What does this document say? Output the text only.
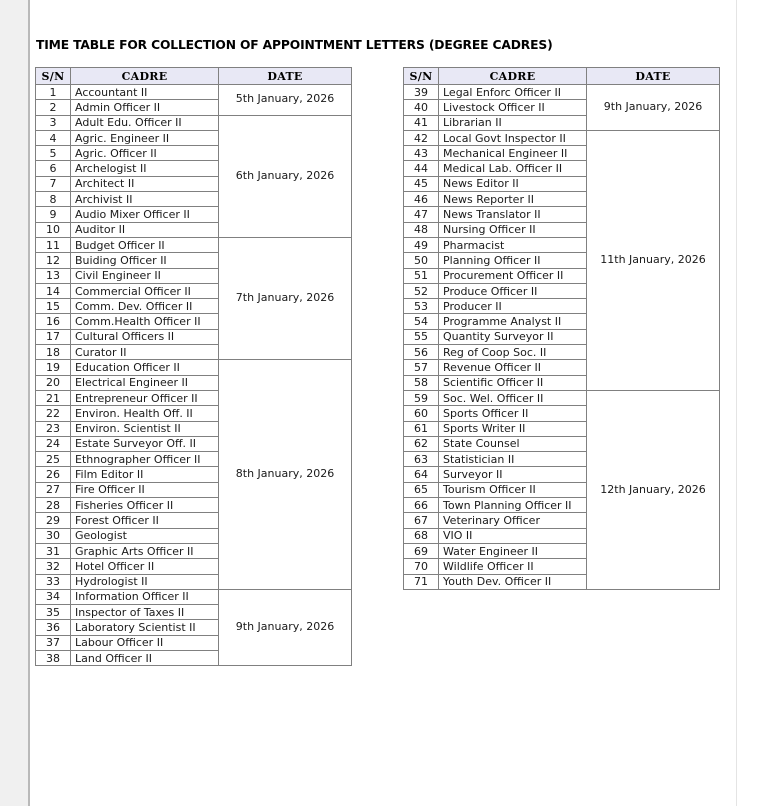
TIME TABLE FOR COLLECTION OF APPOINTMENT LETTERS (DEGREE CADRES)
S/N	CADRE	DATE
1	Accountant II	5th January, 2026
2	Admin Officer II	
3	Adult Edu. Officer II	6th January, 2026
4	Agric. Engineer II	
5	Agric. Officer II	
6	Archelogist II	
7	Architect II	
8	Archivist II	
9	Audio Mixer Officer II	
10	Auditor II	
11	Budget Officer II	7th January, 2026
12	Buiding Officer II	
13	Civil Engineer II	
14	Commercial Officer II	
15	Comm. Dev. Officer II	
16	Comm.Health Officer II	
17	Cultural Officers II	
18	Curator II	
19	Education Officer II	8th January, 2026
20	Electrical Engineer II	
21	Entrepreneur Officer II	
22	Environ. Health Off. II	
23	Environ. Scientist II	
24	Estate Surveyor Off. II	
25	Ethnographer Officer II	
26	Film Editor II	
27	Fire Officer II	
28	Fisheries Officer II	
29	Forest Officer II	
30	Geologist	
31	Graphic Arts Officer II	
32	Hotel Officer II	
33	Hydrologist II	
34	Information Officer II	9th January, 2026
35	Inspector of Taxes II	
36	Laboratory Scientist II	
37	Labour Officer II	
38	Land Officer II	
S/N	CADRE	DATE
39	Legal Enforc Officer II	9th January, 2026
40	Livestock Officer II	
41	Librarian II	
42	Local Govt Inspector II	11th January, 2026
43	Mechanical Engineer II	
44	Medical Lab. Officer II	
45	News Editor II	
46	News Reporter II	
47	News Translator II	
48	Nursing Officer II	
49	Pharmacist	
50	Planning Officer II	
51	Procurement Officer II	
52	Produce Officer II	
53	Producer II	
54	Programme Analyst II	
55	Quantity Surveyor II	
56	Reg of Coop Soc. II	
57	Revenue Officer II	
58	Scientific Officer II	
59	Soc. Wel. Officer II	12th January, 2026
60	Sports Officer II	
61	Sports Writer II	
62	State Counsel	
63	Statistician II	
64	Surveyor II	
65	Tourism Officer II	
66	Town Planning Officer II	
67	Veterinary Officer	
68	VIO II	
69	Water Engineer II	
70	Wildlife Officer II	
71	Youth Dev. Officer II	
